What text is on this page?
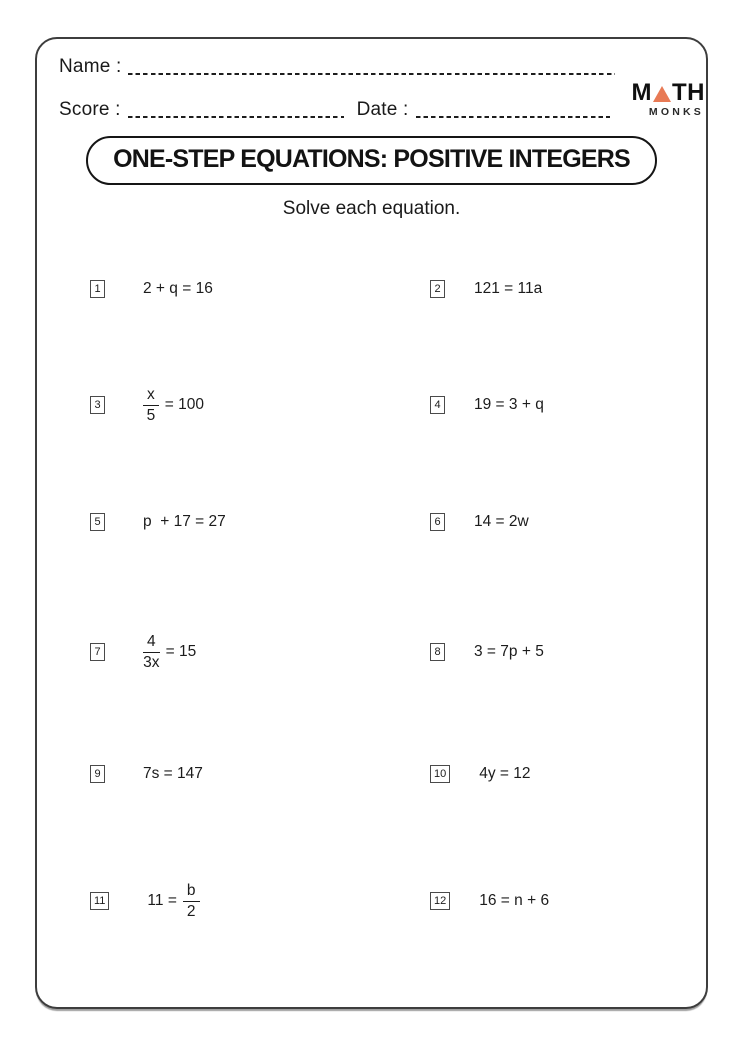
Name :
Score :	Date :
M TH
MONKS
ONE-STEP EQUATIONS: POSITIVE INTEGERS
Solve each equation.
1	2 + q = 16	2 121 = 11a
3	$\frac{x}{5} = 100$	4 19 = 3 + q
5	p  + 17 = 27	6 14 = 2w
7	$\frac{4}{3x} = 15$	8 3 = 7p + 5
9	7s = 147	10 4y = 12
11	$11 = \frac{b}{2}$	12 16 = n + 6
